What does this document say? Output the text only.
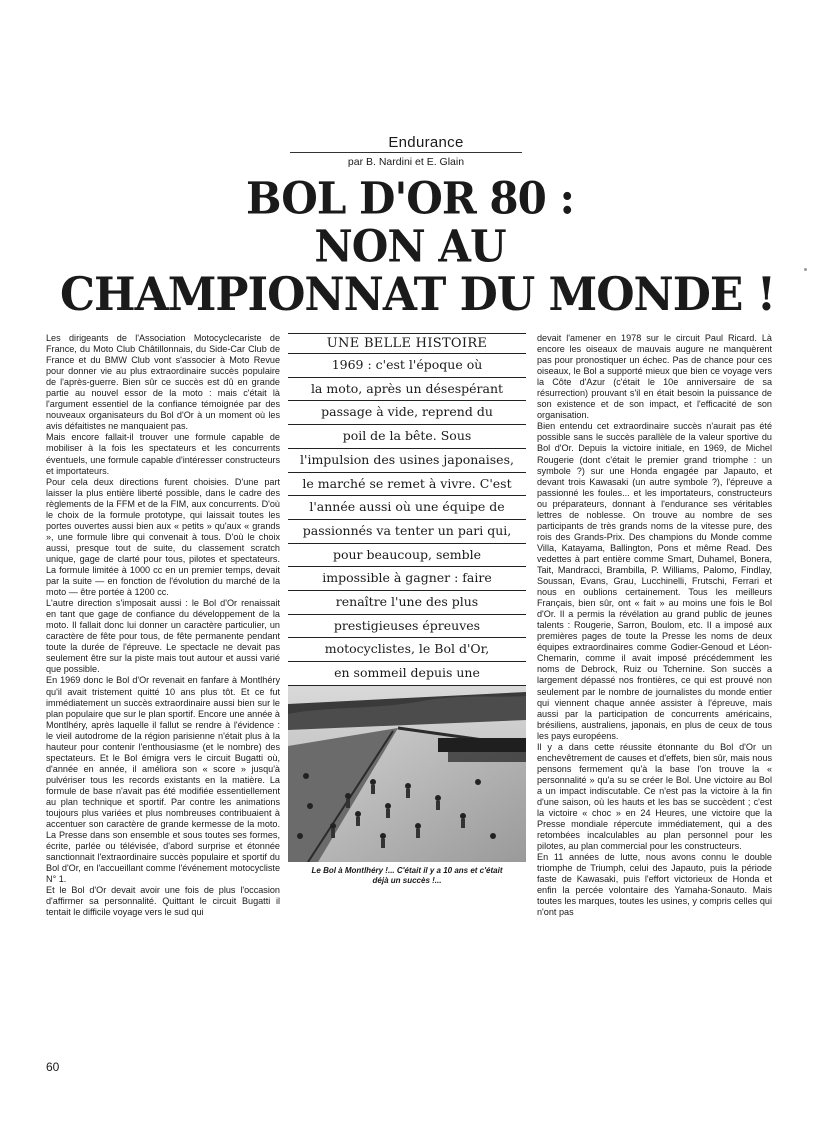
Endurance
par B. Nardini et E. Glain
BOL D'OR 80 :
NON AU
CHAMPIONNAT DU MONDE !

Les dirigeants de l'Association Motocyclecariste de France, du Moto Club Châtillonnais, du Side-Car Club de France et du BMW Club vont s'associer à Moto Revue pour donner vie au plus extraordinaire succès populaire de l'après-guerre. Bien sûr ce succès est dû en grande partie au nouvel essor de la moto : mais c'était là l'argument essentiel de la confiance témoignée par des nouveaux organisateurs du Bol d'Or à un moment où les avis défaitistes ne manquaient pas.

Mais encore fallait-il trouver une formule capable de mobiliser à la fois les spectateurs et les concurrents éventuels, une formule capable d'intéresser constructeurs et importateurs.

Pour cela deux directions furent choisies. D'une part laisser la plus entière liberté possible, dans le cadre des règlements de la FFM et de la FIM, aux concurrents. D'où le choix de la formule prototype, qui laissait toutes les portes ouvertes aussi bien aux « petits » qu'aux « grands », une formule libre qui convenait à tous. D'où le choix aussi, presque tout de suite, du classement scratch unique, gage de clarté pour tous, pilotes et spectateurs. La formule limitée à 1000 cc en un premier temps, devait par la suite — en fonction de l'évolution du marché de la moto — être portée à 1200 cc.

L'autre direction s'imposait aussi : le Bol d'Or renaissait en tant que gage de confiance du développement de la moto. Il fallait donc lui donner un caractère particulier, un caractère de fête pour tous, de fête permanente pendant toute la durée de l'épreuve. Le spectacle ne devait pas seulement être sur la piste mais tout autour et aussi varié que possible.

En 1969 donc le Bol d'Or revenait en fanfare à Montlhéry qu'il avait tristement quitté 10 ans plus tôt. Et ce fut immédiatement un succès extraordinaire aussi bien sur le plan populaire que sur le plan sportif. Encore une année à Montlhéry, après laquelle il fallut se rendre à l'évidence : le vieil autodrome de la région parisienne n'était plus à la hauteur pour contenir l'enthousiasme (et le nombre) des spectateurs. Et le Bol émigra vers le circuit Bugatti où, d'année en année, il améliora son « score » jusqu'à pulvériser tous les records existants en la matière. La formule de base n'avait pas été modifiée essentiellement au plan technique et sportif. Par contre les animations toujours plus variées et plus nombreuses contribuaient à accentuer son caractère de grande kermesse de la moto. La Presse dans son ensemble et sous toutes ses formes, écrite, parlée ou télévisée, d'abord surprise et étonnée sanctionnait l'extraordinaire succès populaire et sportif du Bol d'Or, en l'accueillant comme l'événement motocycliste N° 1.

Et le Bol d'Or devait avoir une fois de plus l'occasion d'affirmer sa personnalité. Quittant le circuit Bugatti il tentait le difficile voyage vers le sud qui

UNE BELLE HISTOIRE
1969 : c'est l'époque où
la moto, après un désespérant
passage à vide, reprend du
poil de la bête. Sous
l'impulsion des usines japonaises,
le marché se remet à vivre. C'est
l'année aussi où une équipe de
passionnés va tenter un pari qui,
pour beaucoup, semble
impossible à gagner : faire
renaître l'une des plus
prestigieuses épreuves
motocyclistes, le Bol d'Or,
en sommeil depuis une
Le Bol à Montlhéry !... C'était il y a 10 ans et c'était
déjà un succès !...

devait l'amener en 1978 sur le circuit Paul Ricard. Là encore les oiseaux de mauvais augure ne manquèrent pas pour pronostiquer un échec. Pas de chance pour ces oiseaux, le Bol a supporté mieux que bien ce voyage vers la Côte d'Azur (c'était le 10e anniversaire de sa résurrection) prouvant s'il en était besoin la puissance de son existence et de son impact, et l'efficacité de son organisation.

Bien entendu cet extraordinaire succès n'aurait pas été possible sans le succès parallèle de la valeur sportive du Bol d'Or. Depuis la victoire initiale, en 1969, de Michel Rougerie (dont c'était le premier grand triomphe : un symbole ?) sur une Honda engagée par Japauto, et devant trois Kawasaki (un autre symbole ?), l'épreuve a passionné les foules... et les importateurs, constructeurs ou préparateurs, donnant à l'endurance ses véritables lettres de noblesse. On trouve au nombre de ses participants de très grands noms de la vitesse pure, des rois des Grands-Prix. Des champions du Monde comme Villa, Katayama, Ballington, Pons et même Read. Des vedettes à part entière comme Smart, Duhamel, Bonera, Tait, Mandracci, Brambilla, P. Williams, Palomo, Findlay, Soussan, Evans, Grau, Lucchinelli, Frutschi, Ferrari et nous en oublions certainement. Tous les meilleurs Français, bien sûr, ont « fait » au moins une fois le Bol d'Or. Il a permis la révélation au grand public de jeunes talents : Rougerie, Sarron, Boulom, etc. Il a imposé aux premières pages de toute la Presse les noms de deux équipes extraordinaires comme Godier-Genoud et Léon-Chemarin, comme il avait imposé précédemment les noms de Debrock, Ruiz ou Tchernine. Son succès a largement dépassé nos frontières, ce qui est prouvé non seulement par le nombre de journalistes du monde entier qui viennent chaque année assister à l'épreuve, mais aussi par la participation de concurrents américains, brésiliens, australiens, japonais, en plus de ceux de tous les pays européens.

Il y a dans cette réussite étonnante du Bol d'Or un enchevêtrement de causes et d'effets, bien sûr, mais nous pensons fermement qu'à la base l'on trouve la « personnalité » qu'a su se créer le Bol. Une victoire au Bol a un impact indiscutable. Ce n'est pas la victoire à la fin d'une saison, où les hauts et les bas se succèdent ; c'est la victoire « choc » en 24 Heures, une victoire que la Presse mondiale répercute immédiatement, qui a des retombées incalculables au plan personnel pour les pilotes, au plan commercial pour les constructeurs.

En 11 années de lutte, nous avons connu le double triomphe de Triumph, celui des Japauto, puis la période faste de Kawasaki, puis l'effort victorieux de Honda et enfin la percée volontaire des Yamaha-Sonauto. Mais toutes les marques, toutes les usines, y compris celles qui n'ont pas

60
